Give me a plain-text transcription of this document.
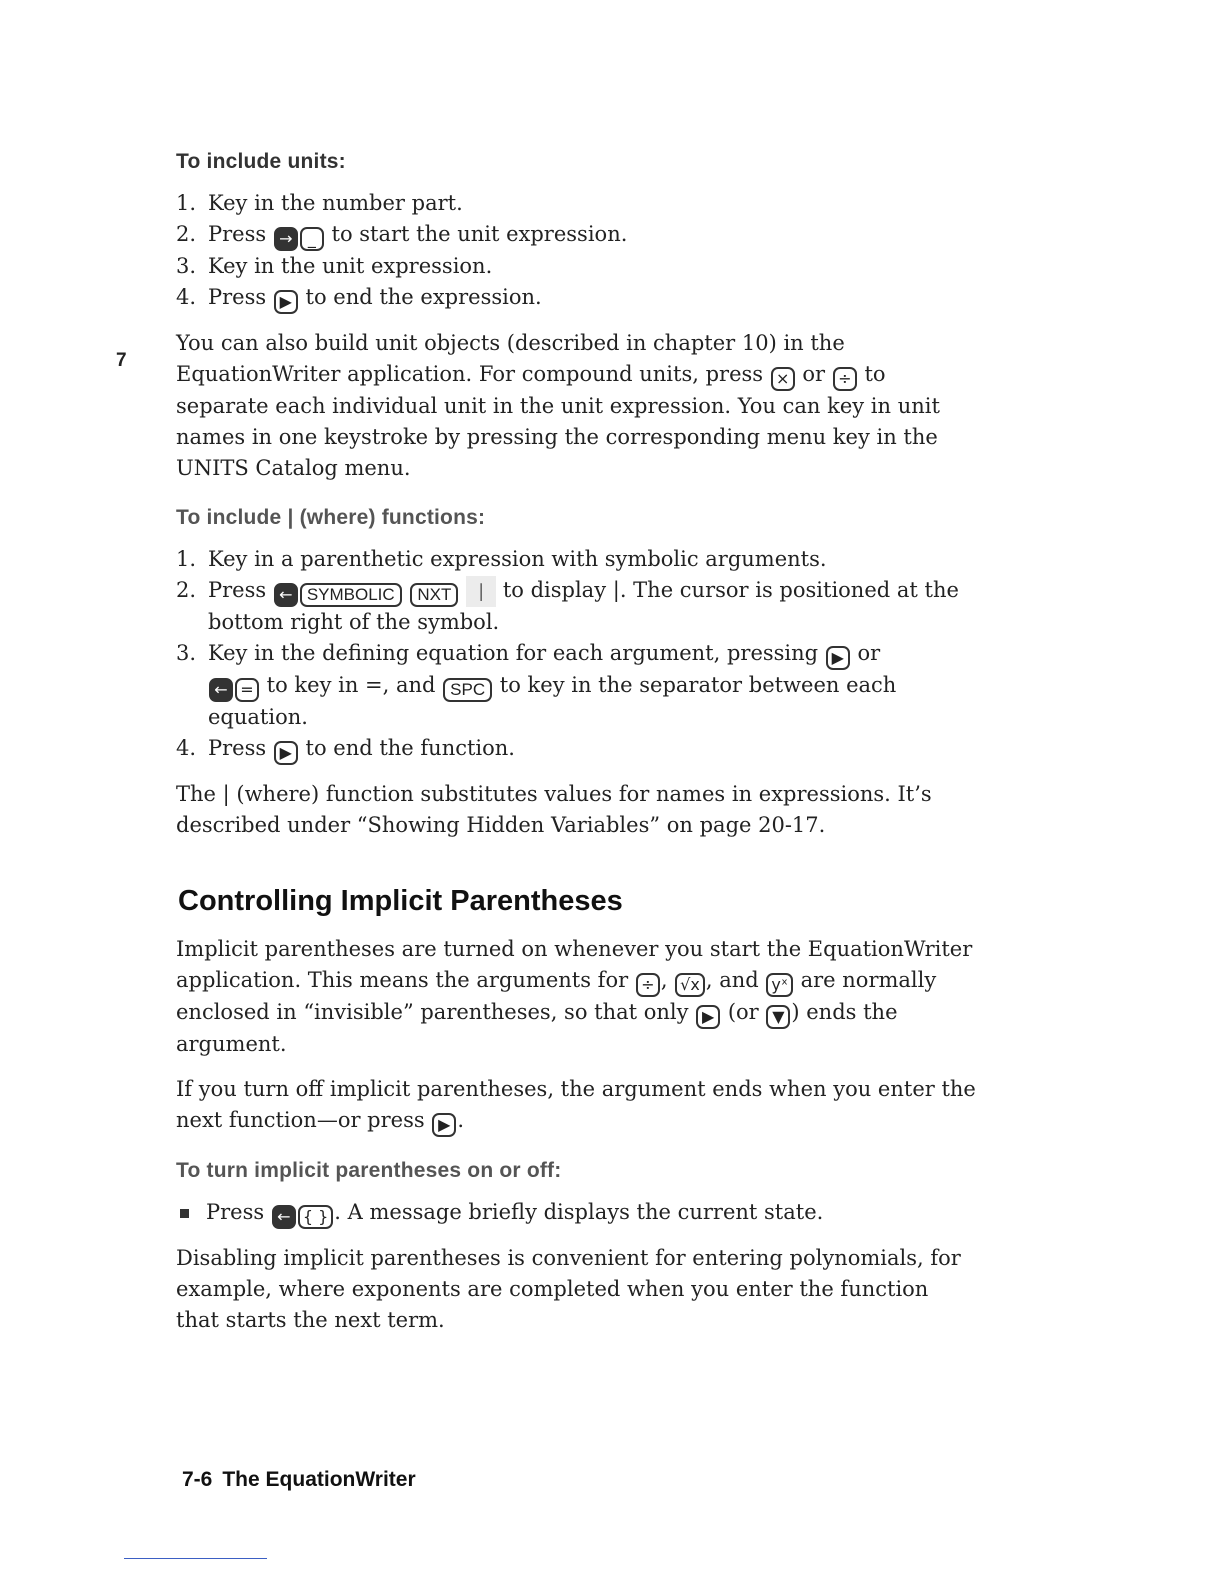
7
To include units:
1. Key in the number part.
2. Press → _ to start the unit expression.
3. Key in the unit expression.
4. Press ▶ to end the expression.

You can also build unit objects (described in chapter 10) in the EquationWriter application. For compound units, press × or ÷ to separate each individual unit in the unit expression. You can key in unit names in one keystroke by pressing the corresponding menu key in the UNITS Catalog menu.

To include | (where) functions:
1. Key in a parenthetic expression with symbolic arguments.
2. Press ← SYMBOLIC NXT | to display |. The cursor is positioned at the bottom right of the symbol.
3. Key in the defining equation for each argument, pressing ▶ or
← = to key in =, and SPC to key in the separator between each equation.
4. Press ▶ to end the function.

The | (where) function substitutes values for names in expressions. It’s described under “Showing Hidden Variables” on page 20-17.

Controlling Implicit Parentheses

Implicit parentheses are turned on whenever you start the EquationWriter application. This means the arguments for ÷ , √x , and yˣ are normally enclosed in “invisible” parentheses, so that only ▶ (or ▼ ) ends the argument.

If you turn off implicit parentheses, the argument ends when you enter the next function—or press ▶ .

To turn implicit parentheses on or off:
Press ← { } . A message briefly displays the current state.

Disabling implicit parentheses is convenient for entering polynomials, for example, where exponents are completed when you enter the function that starts the next term.

7-6 The EquationWriter
